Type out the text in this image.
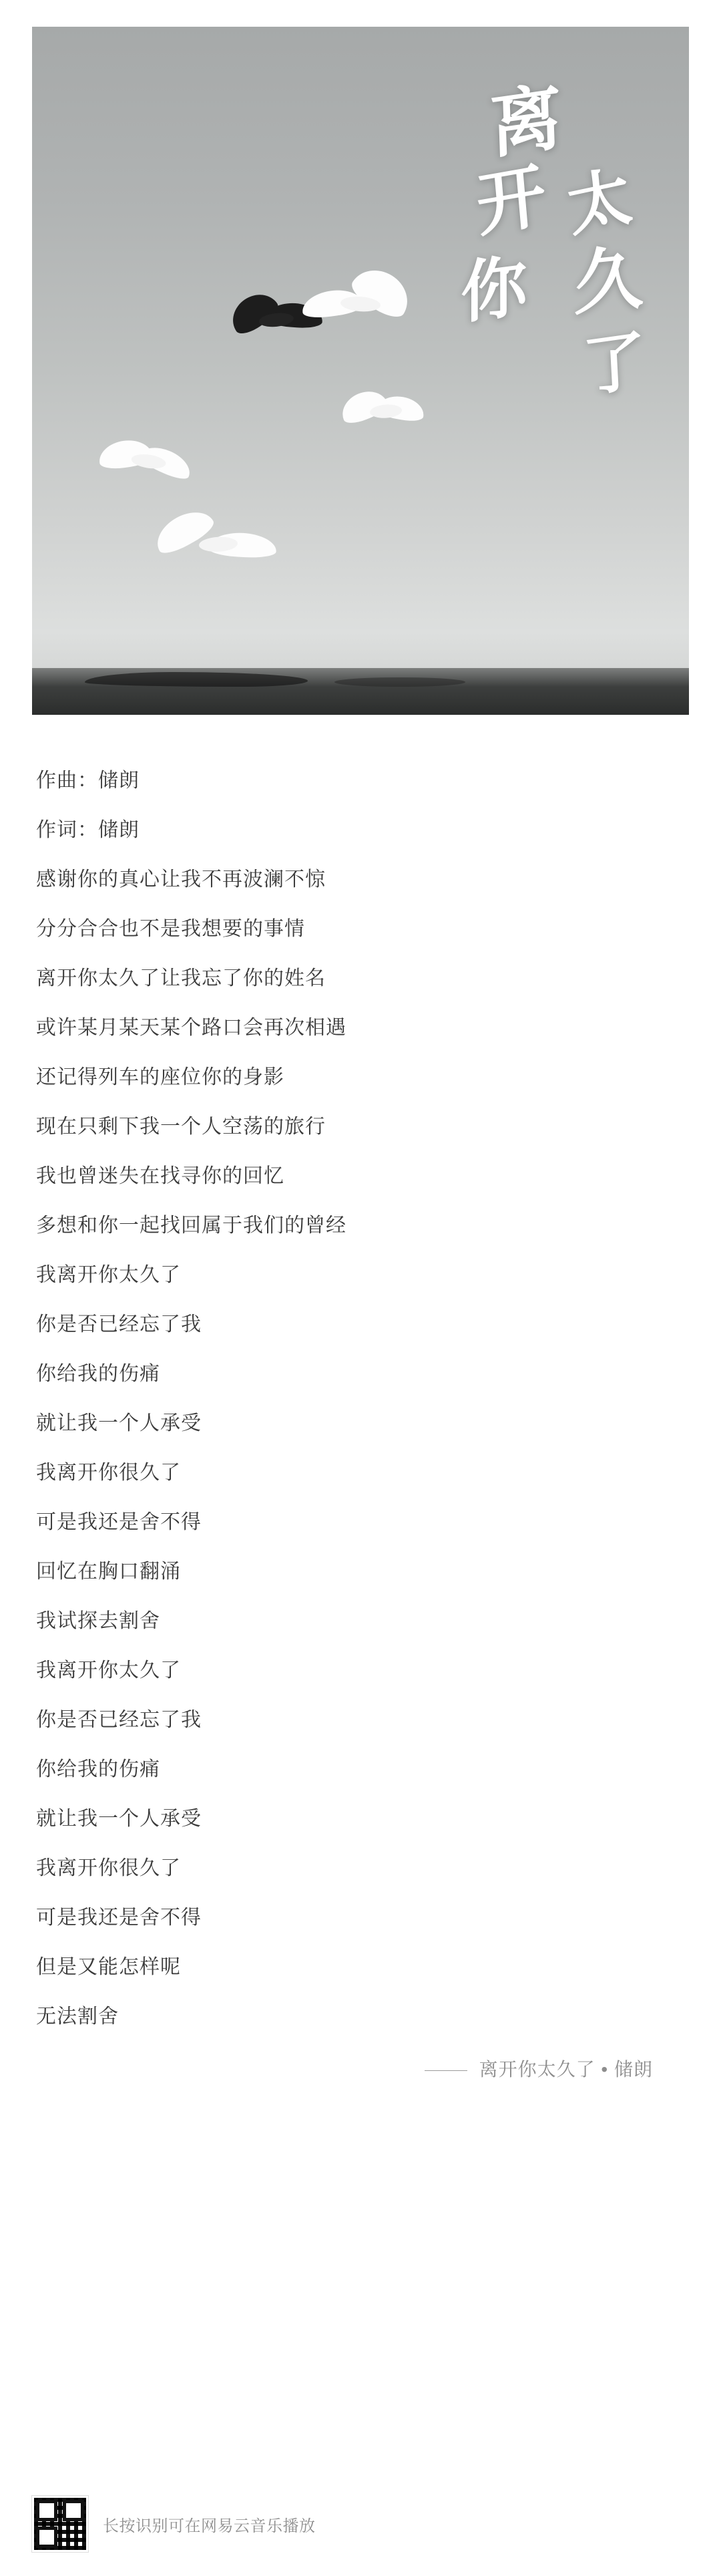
离
开
你
太
久
了
作曲：储朗
作词：储朗
感谢你的真心让我不再波澜不惊
分分合合也不是我想要的事情
离开你太久了让我忘了你的姓名
或许某月某天某个路口会再次相遇
还记得列车的座位你的身影
现在只剩下我一个人空荡的旅行
我也曾迷失在找寻你的回忆
多想和你一起找回属于我们的曾经
我离开你太久了
你是否已经忘了我
你给我的伤痛
就让我一个人承受
我离开你很久了
可是我还是舍不得
回忆在胸口翻涌
我试探去割舍
我离开你太久了
你是否已经忘了我
你给我的伤痛
就让我一个人承受
我离开你很久了
可是我还是舍不得
但是又能怎样呢
无法割舍
离开你太久了 • 储朗
长按识别可在网易云音乐播放
